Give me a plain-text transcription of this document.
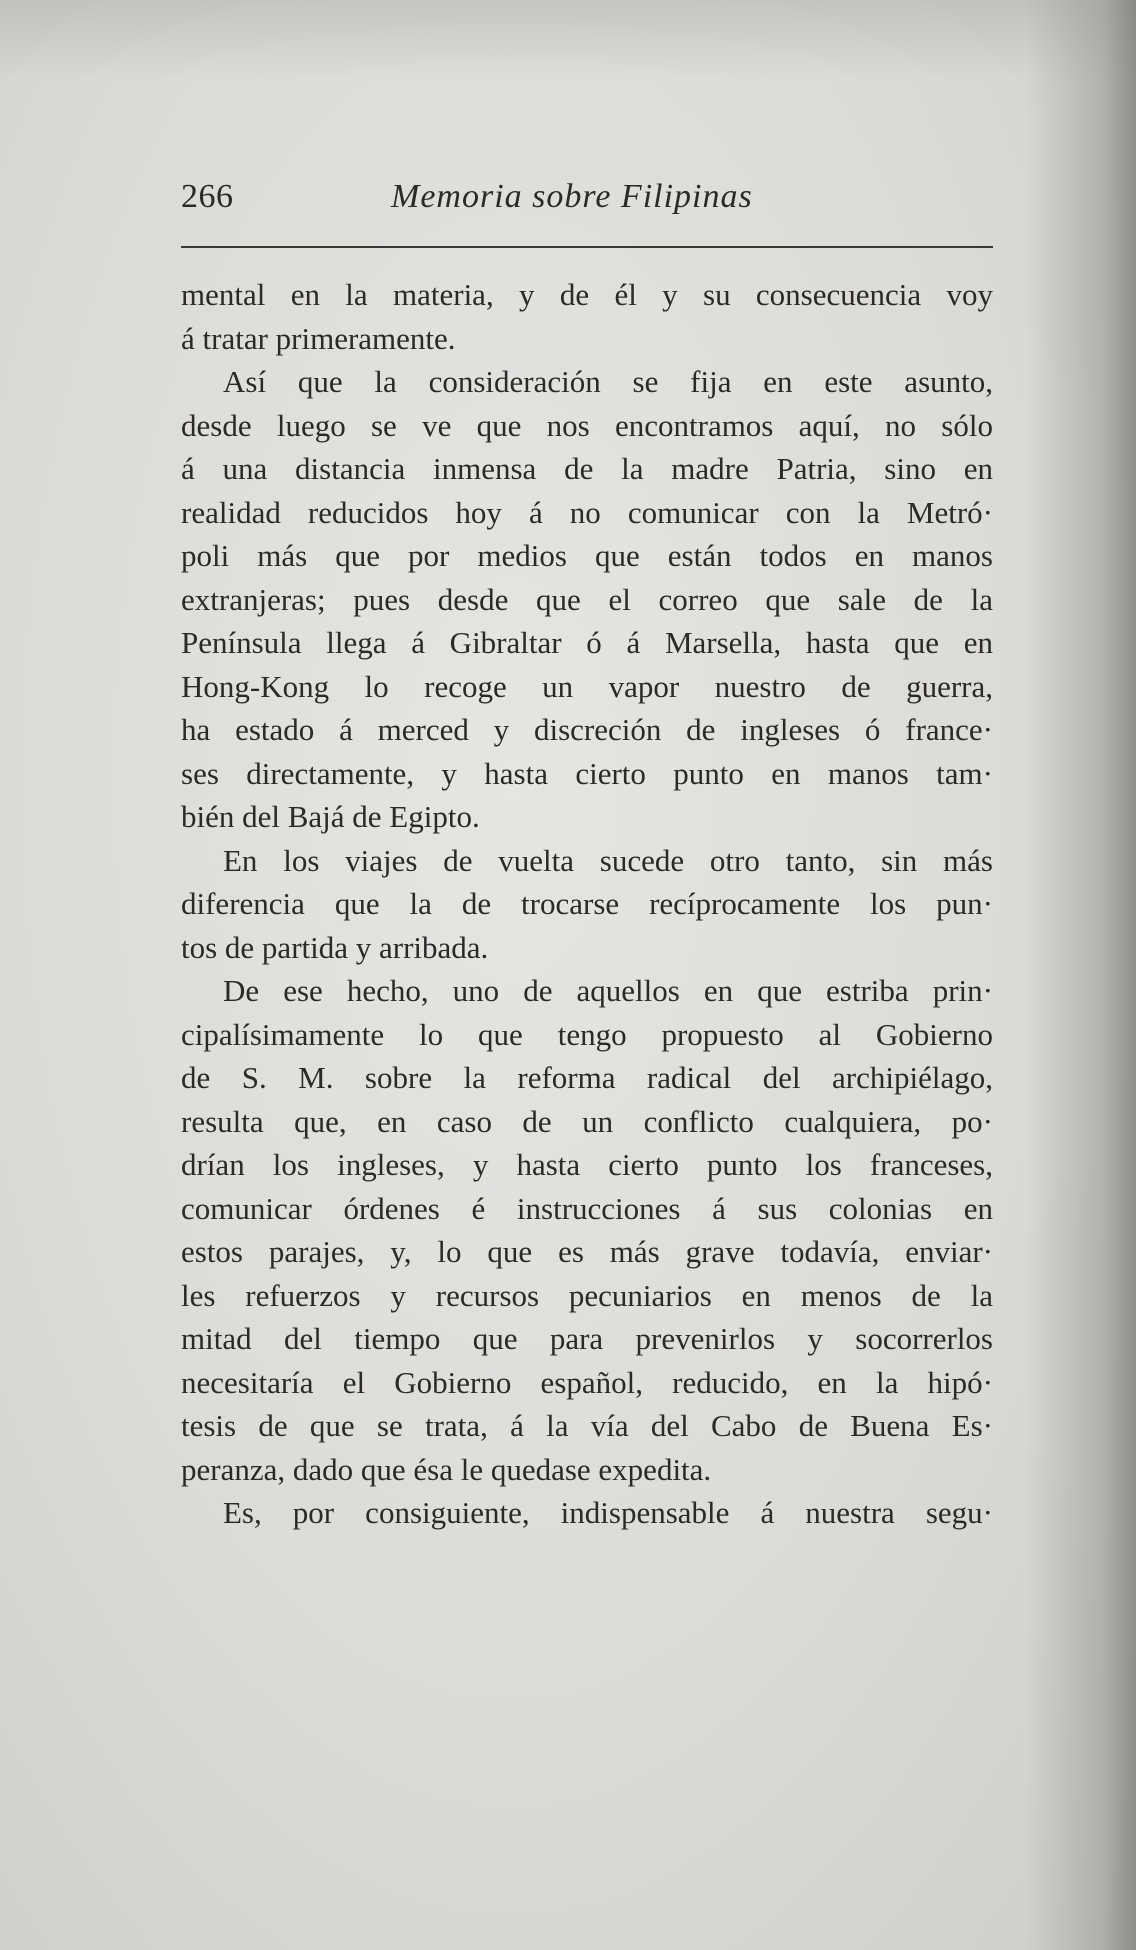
266	Memoria sobre Filipinas
mental en la materia, y de él y su consecuencia voy
á tratar primeramente.
Así que la consideración se fija en este asunto,
desde luego se ve que nos encontramos aquí, no sólo
á una distancia inmensa de la madre Patria, sino en
realidad reducidos hoy á no comunicar con la Metró·
poli más que por medios que están todos en manos
extranjeras; pues desde que el correo que sale de la
Península llega á Gibraltar ó á Marsella, hasta que en
Hong-Kong lo recoge un vapor nuestro de guerra,
ha estado á merced y discreción de ingleses ó france·
ses directamente, y hasta cierto punto en manos tam·
bién del Bajá de Egipto.
En los viajes de vuelta sucede otro tanto, sin más
diferencia que la de trocarse recíprocamente los pun·
tos de partida y arribada.
De ese hecho, uno de aquellos en que estriba prin·
cipalísimamente lo que tengo propuesto al Gobierno
de S. M. sobre la reforma radical del archipiélago,
resulta que, en caso de un conflicto cualquiera, po·
drían los ingleses, y hasta cierto punto los franceses,
comunicar órdenes é instrucciones á sus colonias en
estos parajes, y, lo que es más grave todavía, enviar·
les refuerzos y recursos pecuniarios en menos de la
mitad del tiempo que para prevenirlos y socorrerlos
necesitaría el Gobierno español, reducido, en la hipó·
tesis de que se trata, á la vía del Cabo de Buena Es·
peranza, dado que ésa le quedase expedita.
Es, por consiguiente, indispensable á nuestra segu·
